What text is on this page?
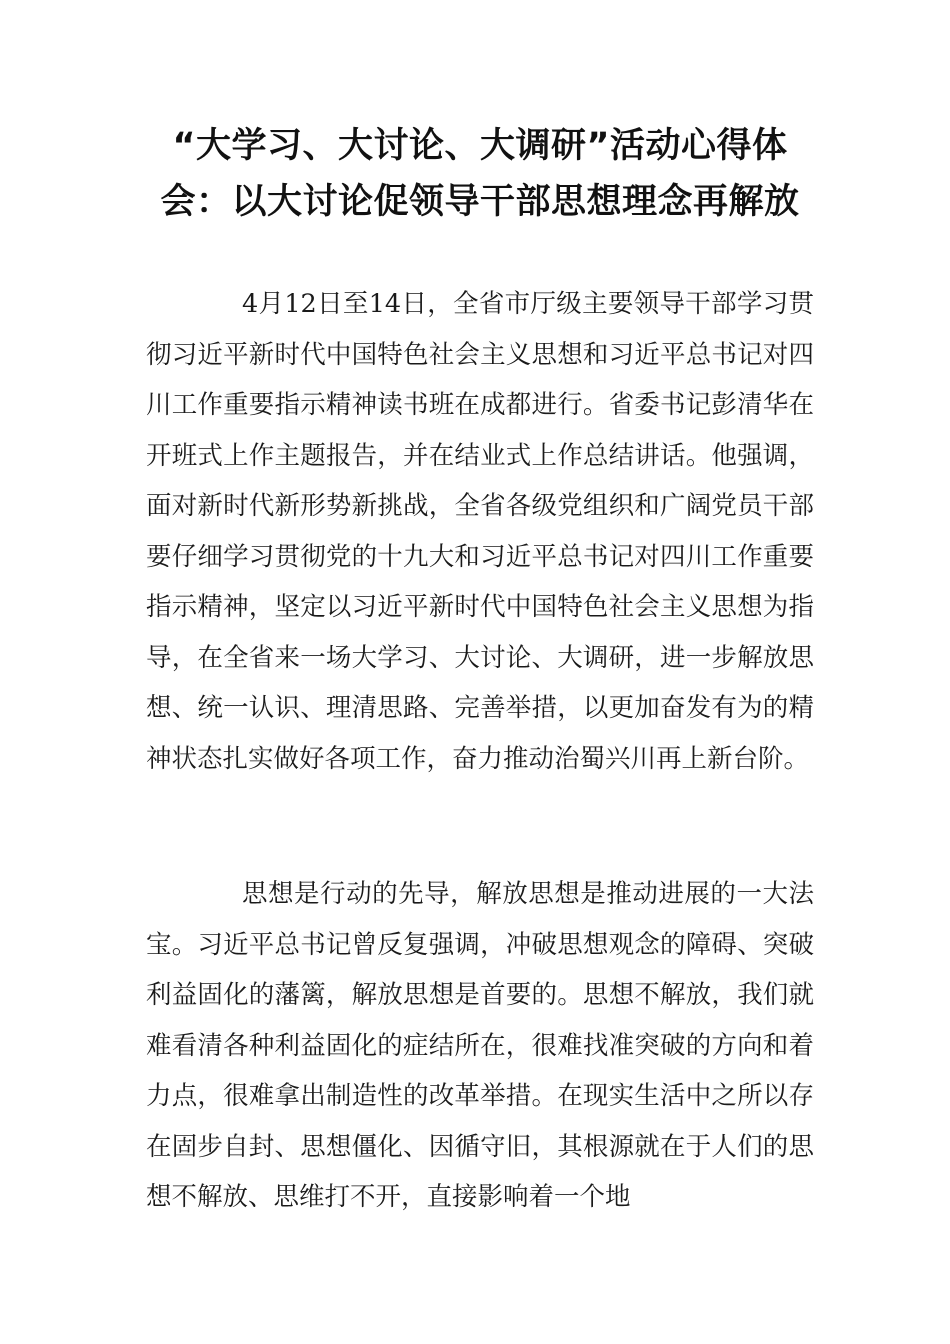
“大学习、大讨论、大调研”活动心得体会：以大讨论促领导干部思想理念再解放

4月12日至14日，全省市厅级主要领导干部学习贯彻习近平新时代中国特色社会主义思想和习近平总书记对四川工作重要指示精神读书班在成都进行。省委书记彭清华在开班式上作主题报告，并在结业式上作总结讲话。他强调，面对新时代新形势新挑战，全省各级党组织和广阔党员干部要仔细学习贯彻党的十九大和习近平总书记对四川工作重要指示精神，坚定以习近平新时代中国特色社会主义思想为指导，在全省来一场大学习、大讨论、大调研，进一步解放思想、统一认识、理清思路、完善举措，以更加奋发有为的精神状态扎实做好各项工作，奋力推动治蜀兴川再上新台阶。

思想是行动的先导，解放思想是推动进展的一大法宝。习近平总书记曾反复强调，冲破思想观念的障碍、突破利益固化的藩篱，解放思想是首要的。思想不解放，我们就难看清各种利益固化的症结所在，很难找准突破的方向和着力点，很难拿出制造性的改革举措。在现实生活中之所以存在固步自封、思想僵化、因循守旧，其根源就在于人们的思想不解放、思维打不开，直接影响着一个地
